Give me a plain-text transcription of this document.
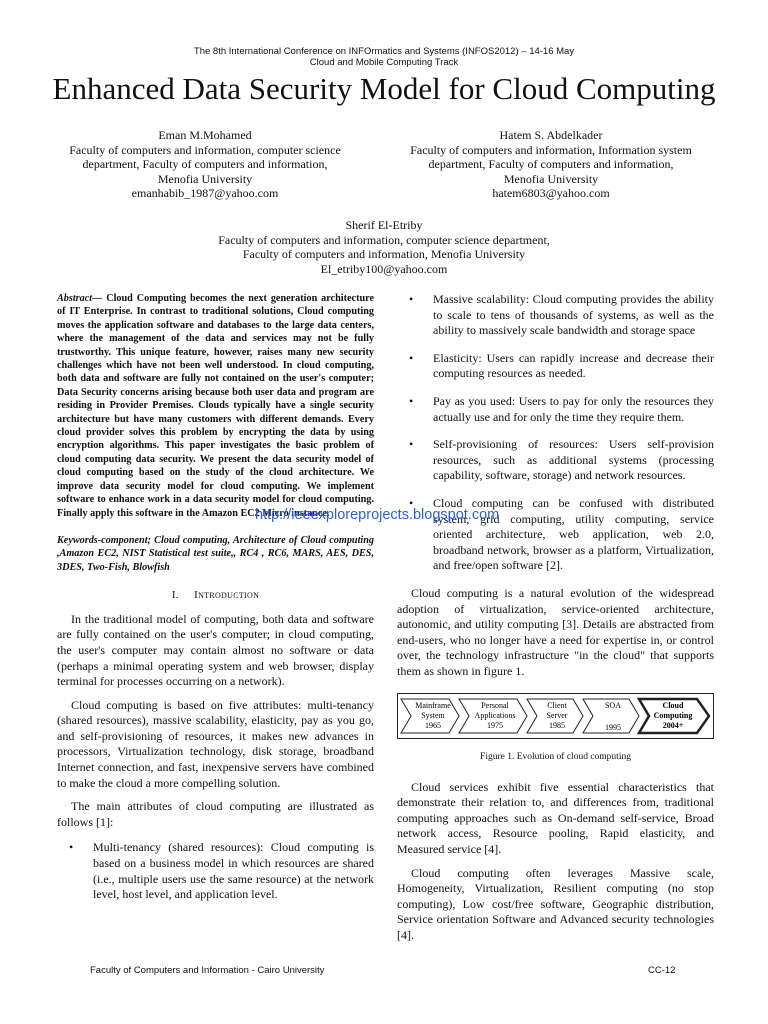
The 8th International Conference on INFOrmatics and Systems (INFOS2012) – 14-16 May
Cloud and Mobile Computing Track
Enhanced Data Security Model for Cloud Computing
Eman M.Mohamed
Faculty of computers and information, computer science
department, Faculty of computers and information,
Menofia University
emanhabib_1987@yahoo.com
Hatem S. Abdelkader
Faculty of computers and information, Information system
department, Faculty of computers and information,
Menofia University
hatem6803@yahoo.com
Sherif El-Etriby
Faculty of computers and information, computer science department,
Faculty of computers and information, Menofia University
El_etriby100@yahoo.com
Abstract— Cloud Computing becomes the next generation architecture of IT Enterprise. In contrast to traditional solutions, Cloud computing moves the application software and databases to the large data centers, where the management of the data and services may not be fully trustworthy. This unique feature, however, raises many new security challenges which have not been well understood. In cloud computing, both data and software are fully not contained on the user's computer; Data Security concerns arising because both user data and program are residing in Provider Premises. Clouds typically have a single security architecture but have many customers with different demands. Every cloud provider solves this problem by encrypting the data by using encryption algorithms. This paper investigates the basic problem of cloud computing data security. We present the data security model of cloud computing based on the study of the cloud architecture. We improve data security model for cloud computing. We implement software to enhance work in a data security model for cloud computing. Finally apply this software in the Amazon EC2 Micro instance.
Keywords-component; Cloud computing, Architecture of Cloud computing ,Amazon EC2, NIST Statistical test suite,, RC4 , RC6, MARS, AES, DES, 3DES, Two-Fish, Blowfish
I. Introduction

In the traditional model of computing, both data and software are fully contained on the user's computer; in cloud computing, the user's computer may contain almost no software or data (perhaps a minimal operating system and web browser, display terminal for processes occurring on a network).

Cloud computing is based on five attributes: multi-tenancy (shared resources), massive scalability, elasticity, pay as you go, and self-provisioning of resources, it makes new advances in processors, Virtualization technology, disk storage, broadband Internet connection, and fast, inexpensive servers have combined to make the cloud a more compelling solution.

The main attributes of cloud computing are illustrated as follows [1]:

• Multi-tenancy (shared resources): Cloud computing is based on a business model in which resources are shared (i.e., multiple users use the same resource) at the network level, host level, and application level.
• Massive scalability: Cloud computing provides the ability to scale to tens of thousands of systems, as well as the ability to massively scale bandwidth and storage space
• Elasticity: Users can rapidly increase and decrease their computing resources as needed.
• Pay as you used: Users to pay for only the resources they actually use and for only the time they require them.
• Self-provisioning of resources: Users self-provision resources, such as additional systems (processing capability, software, storage) and network resources.
• Cloud computing can be confused with distributed system, grid computing, utility computing, service oriented architecture, web application, web 2.0, broadband network, browser as a platform, Virtualization, and free/open software [2].

Cloud computing is a natural evolution of the widespread adoption of virtualization, service-oriented architecture, autonomic, and utility computing [3]. Details are abstracted from end-users, who no longer have a need for expertise in, or control over, the technology infrastructure "in the cloud" that supports them as shown in figure 1.

Mainframe
System
1965
Personal
Applications
1975
Client
Server
1985
SOA
1995
Cloud
Computing
2004+
Figure 1. Evolution of cloud computing

Cloud services exhibit five essential characteristics that demonstrate their relation to, and differences from, traditional computing approaches such as On-demand self-service, Broad network access, Resource pooling, Rapid elasticity, and Measured service [4].

Cloud computing often leverages Massive scale, Homogeneity, Virtualization, Resilient computing (no stop computing), Low cost/free software, Geographic distribution, Service orientation Software and Advanced security technologies [4].

http://ieeexploreprojects.blogspot.com
Faculty of Computers and Information - Cairo University	CC-12
